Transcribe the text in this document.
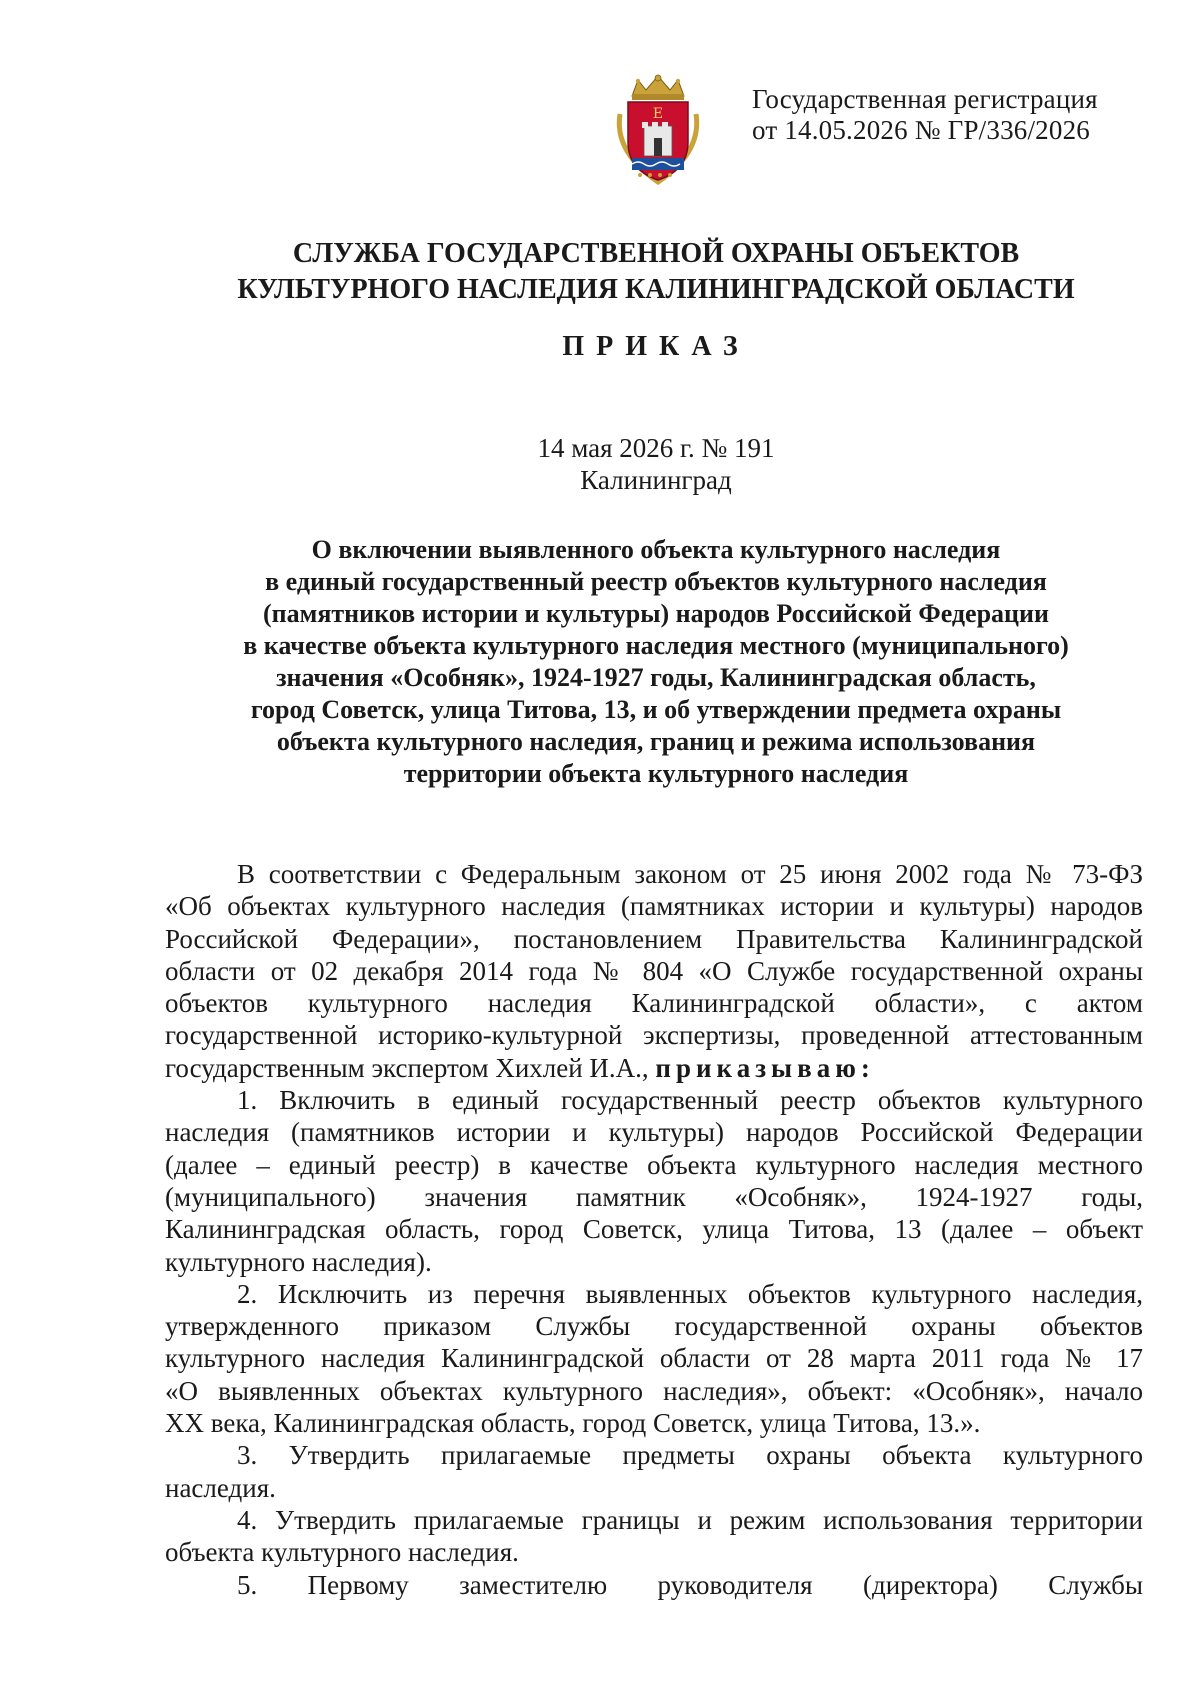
Е	Государственная регистрация
от 14.05.2026 № ГР/336/2026
СЛУЖБА ГОСУДАРСТВЕННОЙ ОХРАНЫ ОБЪЕКТОВ
КУЛЬТУРНОГО НАСЛЕДИЯ КАЛИНИНГРАДСКОЙ ОБЛАСТИ
ПРИКАЗ
14 мая 2026 г. № 191
Калининград
О включении выявленного объекта культурного наследия
в единый государственный реестр объектов культурного наследия
(памятников истории и культуры) народов Российской Федерации
в качестве объекта культурного наследия местного (муниципального)
значения «Особняк», 1924-1927 годы, Калининградская область,
город Советск, улица Титова, 13, и об утверждении предмета охраны
объекта культурного наследия, границ и режима использования
территории объекта культурного наследия
В соответствии с Федеральным законом от 25 июня 2002 года № 73-ФЗ
«Об объектах культурного наследия (памятниках истории и культуры) народов
Российской Федерации», постановлением Правительства Калининградской
области от 02 декабря 2014 года № 804 «О Службе государственной охраны
объектов культурного наследия Калининградской области», с актом
государственной историко-культурной экспертизы, проведенной аттестованным
государственным экспертом Хихлей И.А., приказываю:
1. Включить в единый государственный реестр объектов культурного
наследия (памятников истории и культуры) народов Российской Федерации
(далее – единый реестр) в качестве объекта культурного наследия местного
(муниципального) значения памятник «Особняк», 1924-1927 годы,
Калининградская область, город Советск, улица Титова, 13 (далее – объект
культурного наследия).
2. Исключить из перечня выявленных объектов культурного наследия,
утвержденного приказом Службы государственной охраны объектов
культурного наследия Калининградской области от 28 марта 2011 года № 17
«О выявленных объектах культурного наследия», объект: «Особняк», начало
XX века, Калининградская область, город Советск, улица Титова, 13.».
3. Утвердить прилагаемые предметы охраны объекта культурного
наследия.
4. Утвердить прилагаемые границы и режим использования территории
объекта культурного наследия.
5. Первому заместителю руководителя (директора) Службы
